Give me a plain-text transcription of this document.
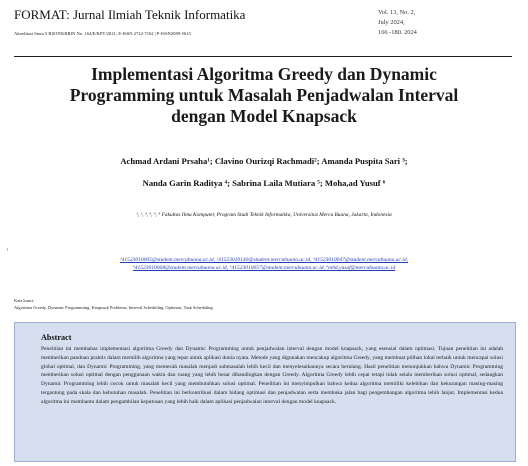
FORMAT: Jurnal Ilmiah Teknik Informatika
Akreditasi Sinta 5 RISTEKBRIN No. 164/E/KPT/2021; E-ISSN 2722-7162 | P-ISSN2089-5615
Vol. 13, No. 2,
July 2024,
166 -180. 2024
Implementasi Algoritma Greedy dan Dynamic
Programming untuk Masalah Penjadwalan Interval
dengan Model Knapsack
Achmad Ardani Prsaha¹; Clavino Ourizqi Rachmadi²; Amanda Puspita Sari ³;
Nanda Garin Raditya ⁴; Sabrina Laila Mutiara ⁵; Moha,ad Yusuf ⁶
¹, ², ³, ⁴, ⁵, ⁶ Fakultas Ilmu Komputer, Program Studi Teknik Informatika, Universitas Mercu Buana, Jakarta, Indonesia
¹
¹41523010005@student.mercubuana.ac.id, ²41523010140@student.mercubuana.ac.id, ³41523010047@student.mercubuana.ac.id,
⁴41523010068@student.mercubuana.ac.id, ⁵41523010057@student.mercubuana.ac.id, ⁶mhd.yusuf@mercubuana.ac.id
Kata kunci:
Algoritma Greedy, Dynamic Programming, Knapsack Problems, Interval Scheduling, Optimasi, Task Scheduling
Abstract

Penelitian ini membahas implementasi algoritma Greedy dan Dynamic Programming untuk penjadwalan interval dengan model knapsack, yang esensial dalam optimasi. Tujuan penelitian ini adalah memberikan panduan praktis dalam memilih algoritma yang tepat untuk aplikasi dunia nyata. Metode yang digunakan mencakup algoritma Greedy, yang membuat pilihan lokal terbaik untuk mencapai solusi global optimal, dan Dynamic Programming, yang memecah masalah menjadi submasalah lebih kecil dan menyelesaikannya secara berulang. Hasil penelitian menunjukkan bahwa Dynamic Programming memberikan solusi optimal dengan penggunaan waktu dan ruang yang lebih besar dibandingkan dengan Greedy. Algoritma Greedy lebih cepat tetapi tidak selalu memberikan solusi optimal, sedangkan Dynamic Programming lebih cocok untuk masalah kecil yang membutuhkan solusi optimal. Penelitian ini menyimpulkan bahwa kedua algoritma memiliki kelebihan dan kekurangan masing-masing tergantung pada skala dan kebutuhan masalah. Penelitian ini berkontribusi dalam bidang optimasi dan penjadwalan serta membuka jalan bagi pengembangan algoritma lebih lanjut. Implementasi kedua algoritma ini membantu dalam pengambilan keputusan yang lebih baik dalam aplikasi penjadwalan interval dengan model knapsack.
